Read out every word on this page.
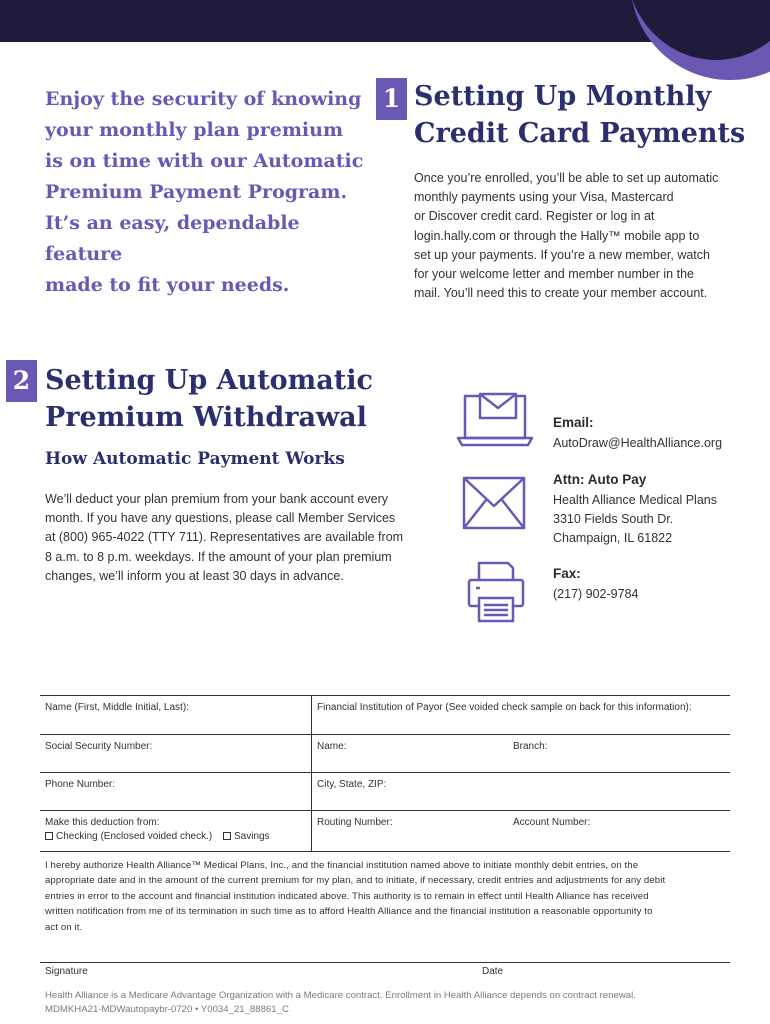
Enjoy the security of knowing
your monthly plan premium
is on time with our Automatic
Premium Payment Program.
It’s an easy, dependable feature
made to fit your needs.
1 Setting Up Monthly
Credit Card Payments
Once you’re enrolled, you’ll be able to set up automatic
monthly payments using your Visa, Mastercard
or Discover credit card. Register or log in at
login.hally.com or through the Hally™ mobile app to
set up your payments. If you’re a new member, watch
for your welcome letter and member number in the
mail. You’ll need this to create your member account.
2 Setting Up Automatic
Premium Withdrawal
How Automatic Payment Works
We’ll deduct your plan premium from your bank account every
month. If you have any questions, please call Member Services
at (800) 965-4022 (TTY 711). Representatives are available from
8 a.m. to 8 p.m. weekdays. If the amount of your plan premium
changes, we’ll inform you at least 30 days in advance.
Email:
AutoDraw@HealthAlliance.org
Attn: Auto Pay
Health Alliance Medical Plans
3310 Fields South Dr.
Champaign, IL 61822
Fax:
(217) 902-9784
Name (First, Middle Initial, Last):	Financial Institution of Payor (See voided check sample on back for this information):
Social Security Number:	Name:	Branch:
Phone Number:	City, State, ZIP:
Make this deduction from:
Checking (Enclosed voided check.) Savings
Routing Number:	Account Number:
I hereby authorize Health Alliance™ Medical Plans, Inc., and the financial institution named above to initiate monthly debit entries, on the
appropriate date and in the amount of the current premium for my plan, and to initiate, if necessary, credit entries and adjustments for any debit
entries in error to the account and financial institution indicated above. This authority is to remain in effect until Health Alliance has received
written notification from me of its termination in such time as to afford Health Alliance and the financial institution a reasonable opportunity to
act on it.
Signature	Date
Health Alliance is a Medicare Advantage Organization with a Medicare contract. Enrollment in Health Alliance depends on contract renewal.
MDMKHA21-MDWautopaybr-0720 • Y0034_21_88861_C
